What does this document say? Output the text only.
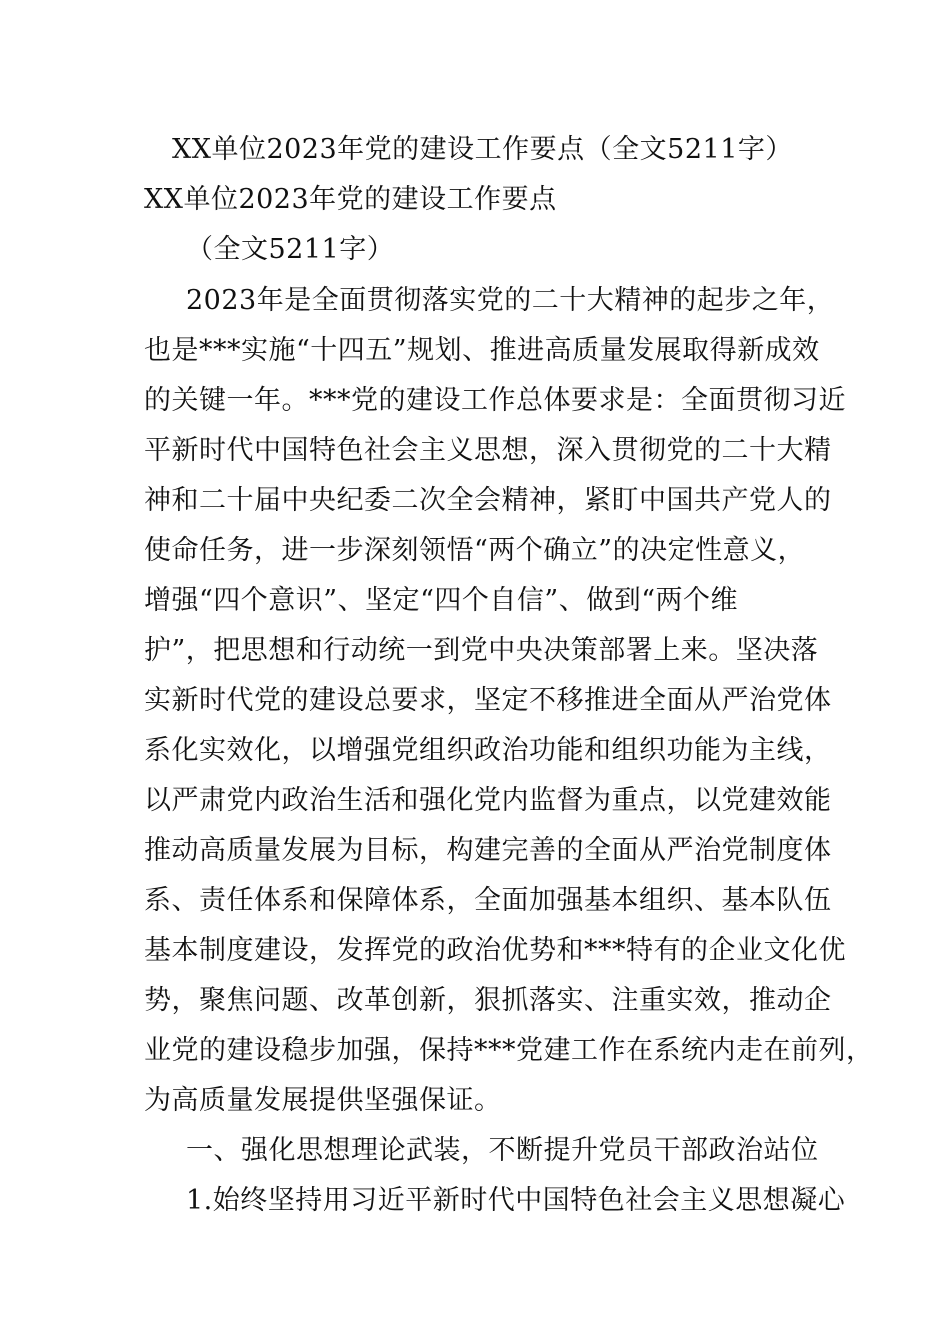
XX单位2023年党的建设工作要点（全文5211字）
XX单位2023年党的建设工作要点
（全文5211字）
2023年是全面贯彻落实党的二十大精神的起步之年，
也是***实施“十四五”规划、推进高质量发展取得新成效
的关键一年。***党的建设工作总体要求是：全面贯彻习近
平新时代中国特色社会主义思想，深入贯彻党的二十大精
神和二十届中央纪委二次全会精神，紧盯中国共产党人的
使命任务，进一步深刻领悟“两个确立”的决定性意义，
增强“四个意识”、坚定“四个自信”、做到“两个维
护”，把思想和行动统一到党中央决策部署上来。坚决落
实新时代党的建设总要求，坚定不移推进全面从严治党体
系化实效化，以增强党组织政治功能和组织功能为主线，
以严肃党内政治生活和强化党内监督为重点，以党建效能
推动高质量发展为目标，构建完善的全面从严治党制度体
系、责任体系和保障体系，全面加强基本组织、基本队伍
基本制度建设，发挥党的政治优势和***特有的企业文化优
势，聚焦问题、改革创新，狠抓落实、注重实效，推动企
业党的建设稳步加强，保持***党建工作在系统内走在前列，
为高质量发展提供坚强保证。
一、强化思想理论武装，不断提升党员干部政治站位
1.始终坚持用习近平新时代中国特色社会主义思想凝心
